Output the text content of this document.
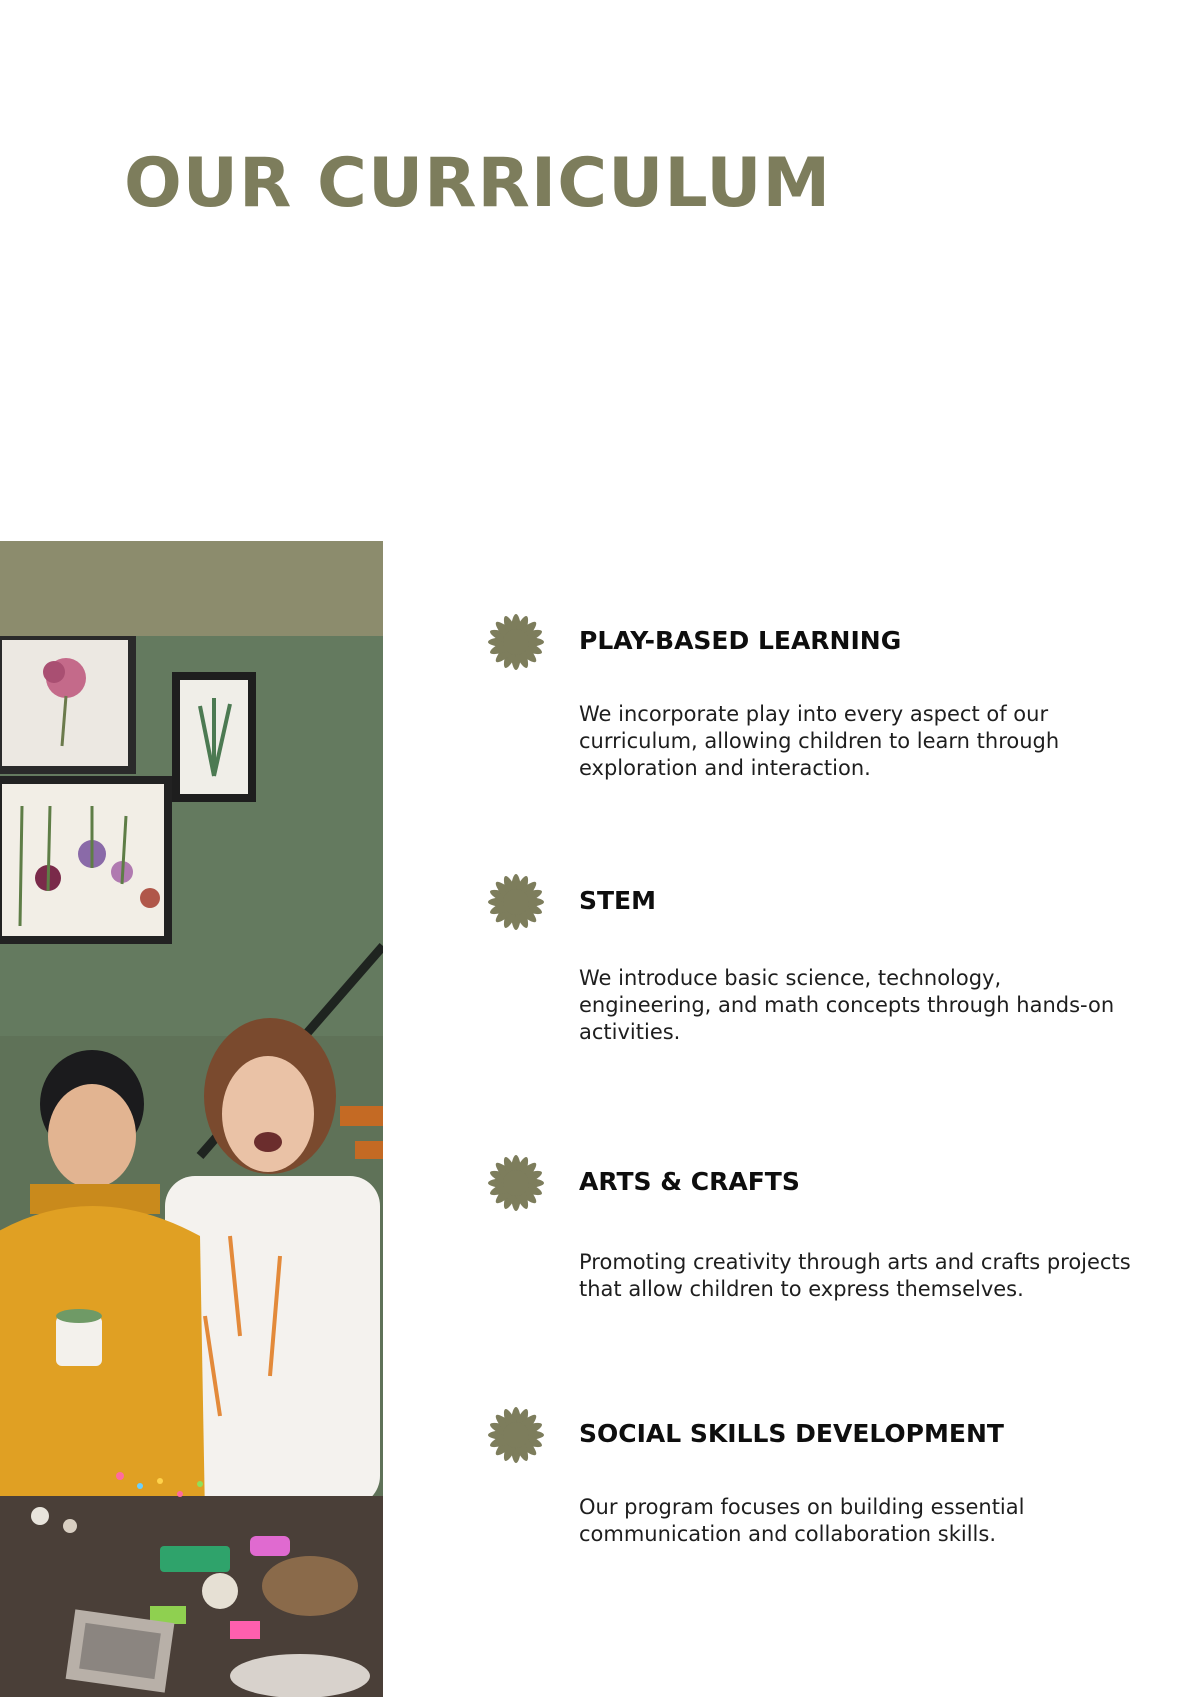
OUR CURRICULUM
PLAY-BASED LEARNING

We incorporate play into every aspect of our curriculum, allowing children to learn through exploration and interaction.

STEM

We introduce basic science, technology, engineering, and math concepts through hands-on activities.

ARTS & CRAFTS

Promoting creativity through arts and crafts projects that allow children to express themselves.

SOCIAL SKILLS DEVELOPMENT

Our program focuses on building essential communication and collaboration skills.
